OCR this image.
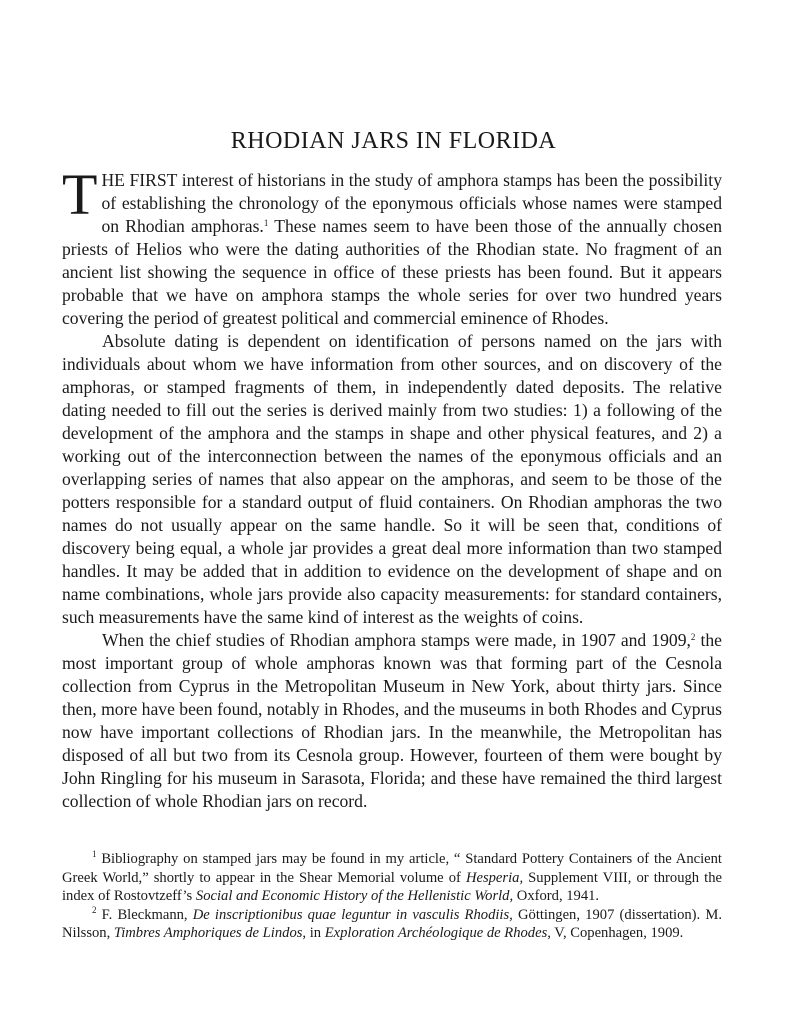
RHODIAN JARS IN FLORIDA

THE FIRST interest of historians in the study of amphora stamps has been the possibility of establishing the chronology of the eponymous officials whose names were stamped on Rhodian amphoras.$^1$ These names seem to have been those of the annually chosen priests of Helios who were the dating authorities of the Rhodian state. No fragment of an ancient list showing the sequence in office of these priests has been found. But it appears probable that we have on amphora stamps the whole series for over two hundred years covering the period of greatest political and commercial eminence of Rhodes.

Absolute dating is dependent on identification of persons named on the jars with individuals about whom we have information from other sources, and on discovery of the amphoras, or stamped fragments of them, in independently dated deposits. The relative dating needed to fill out the series is derived mainly from two studies: 1) a following of the development of the amphora and the stamps in shape and other physical features, and 2) a working out of the interconnection between the names of the eponymous officials and an overlapping series of names that also appear on the amphoras, and seem to be those of the potters responsible for a standard output of fluid containers. On Rhodian amphoras the two names do not usually appear on the same handle. So it will be seen that, conditions of discovery being equal, a whole jar provides a great deal more information than two stamped handles. It may be added that in addition to evidence on the development of shape and on name combinations, whole jars provide also capacity measurements: for standard containers, such measurements have the same kind of interest as the weights of coins.

When the chief studies of Rhodian amphora stamps were made, in 1907 and 1909,$^2$ the most important group of whole amphoras known was that forming part of the Cesnola collection from Cyprus in the Metropolitan Museum in New York, about thirty jars. Since then, more have been found, notably in Rhodes, and the museums in both Rhodes and Cyprus now have important collections of Rhodian jars. In the meanwhile, the Metropolitan has disposed of all but two from its Cesnola group. However, fourteen of them were bought by John Ringling for his museum in Sarasota, Florida; and these have remained the third largest collection of whole Rhodian jars on record.

$^1$ Bibliography on stamped jars may be found in my article, “ Standard Pottery Containers of the Ancient Greek World,” shortly to appear in the Shear Memorial volume of Hesperia, Supplement VIII, or through the index of Rostovtzeff’s Social and Economic History of the Hellenistic World, Oxford, 1941.

$^2$ F. Bleckmann, De inscriptionibus quae leguntur in vasculis Rhodiis, Göttingen, 1907 (dissertation). M. Nilsson, Timbres Amphoriques de Lindos, in Exploration Archéologique de Rhodes, V, Copenhagen, 1909.
